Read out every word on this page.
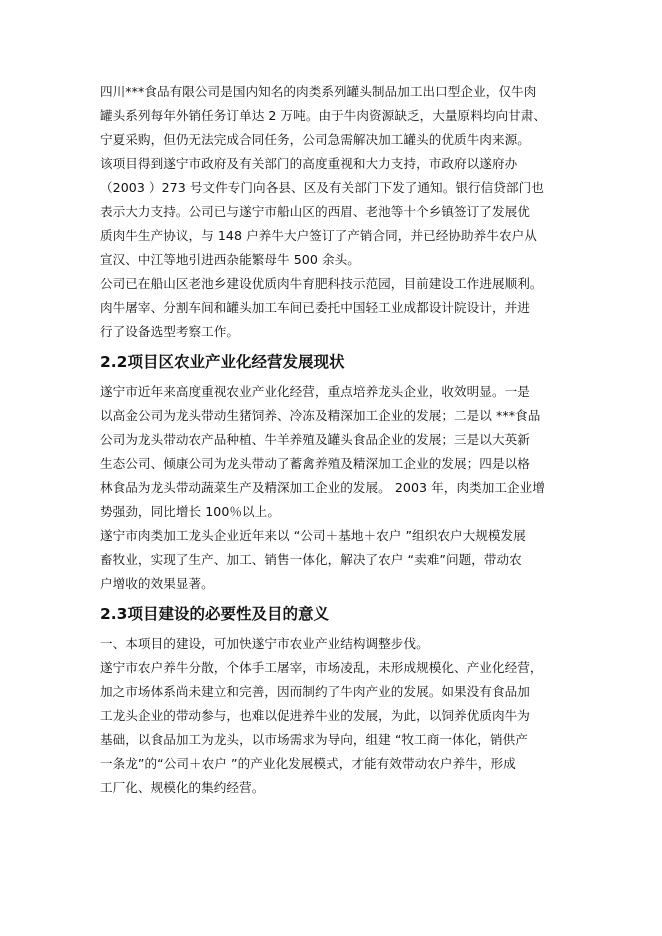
四川***食品有限公司是国内知名的肉类系列罐头制品加工出口型企业，仅牛肉
罐头系列每年外销任务订单达 2 万吨。由于牛肉资源缺乏，大量原料均向甘肃、
宁夏采购，但仍无法完成合同任务，公司急需解决加工罐头的优质牛肉来源。
该项目得到遂宁市政府及有关部门的高度重视和大力支持，市政府以遂府办
（2003 ）273 号文件专门向各县、区及有关部门下发了通知。银行信贷部门也
表示大力支持。公司已与遂宁市船山区的西眉、老池等十个乡镇签订了发展优
质肉牛生产协议，与 148 户养牛大户签订了产销合同，并已经协助养牛农户从
宣汉、中江等地引进西杂能繁母牛 500 余头。
公司已在船山区老池乡建设优质肉牛育肥科技示范园，目前建设工作进展顺利。
肉牛屠宰、分割车间和罐头加工车间已委托中国轻工业成都设计院设计，并进
行了设备选型考察工作。
2.2项目区农业产业化经营发展现状
遂宁市近年来高度重视农业产业化经营，重点培养龙头企业，收效明显。一是
以高金公司为龙头带动生猪饲养、冷冻及精深加工企业的发展；二是以 ***食品
公司为龙头带动农产品种植、牛羊养殖及罐头食品企业的发展；三是以大英新
生态公司、倾康公司为龙头带动了蓄禽养殖及精深加工企业的发展；四是以格
林食品为龙头带动蔬菜生产及精深加工企业的发展。 2003 年，肉类加工企业增
势强劲，同比增长 100％以上。
遂宁市肉类加工龙头企业近年来以 “公司＋基地＋农户 ”组织农户大规模发展
畜牧业，实现了生产、加工、销售一体化，解决了农户 “卖难”问题，带动农
户增收的效果显著。
2.3项目建设的必要性及目的意义
一、本项目的建设，可加快遂宁市农业产业结构调整步伐。
遂宁市农户养牛分散，个体手工屠宰，市场凌乱，未形成规模化、产业化经营，
加之市场体系尚未建立和完善，因而制约了牛肉产业的发展。如果没有食品加
工龙头企业的带动参与，也难以促进养牛业的发展，为此，以饲养优质肉牛为
基础，以食品加工为龙头，以市场需求为导向，组建 “牧工商一体化，销供产
一条龙”的“公司＋农户 ”的产业化发展模式，才能有效带动农户养牛，形成
工厂化、规模化的集约经营。
